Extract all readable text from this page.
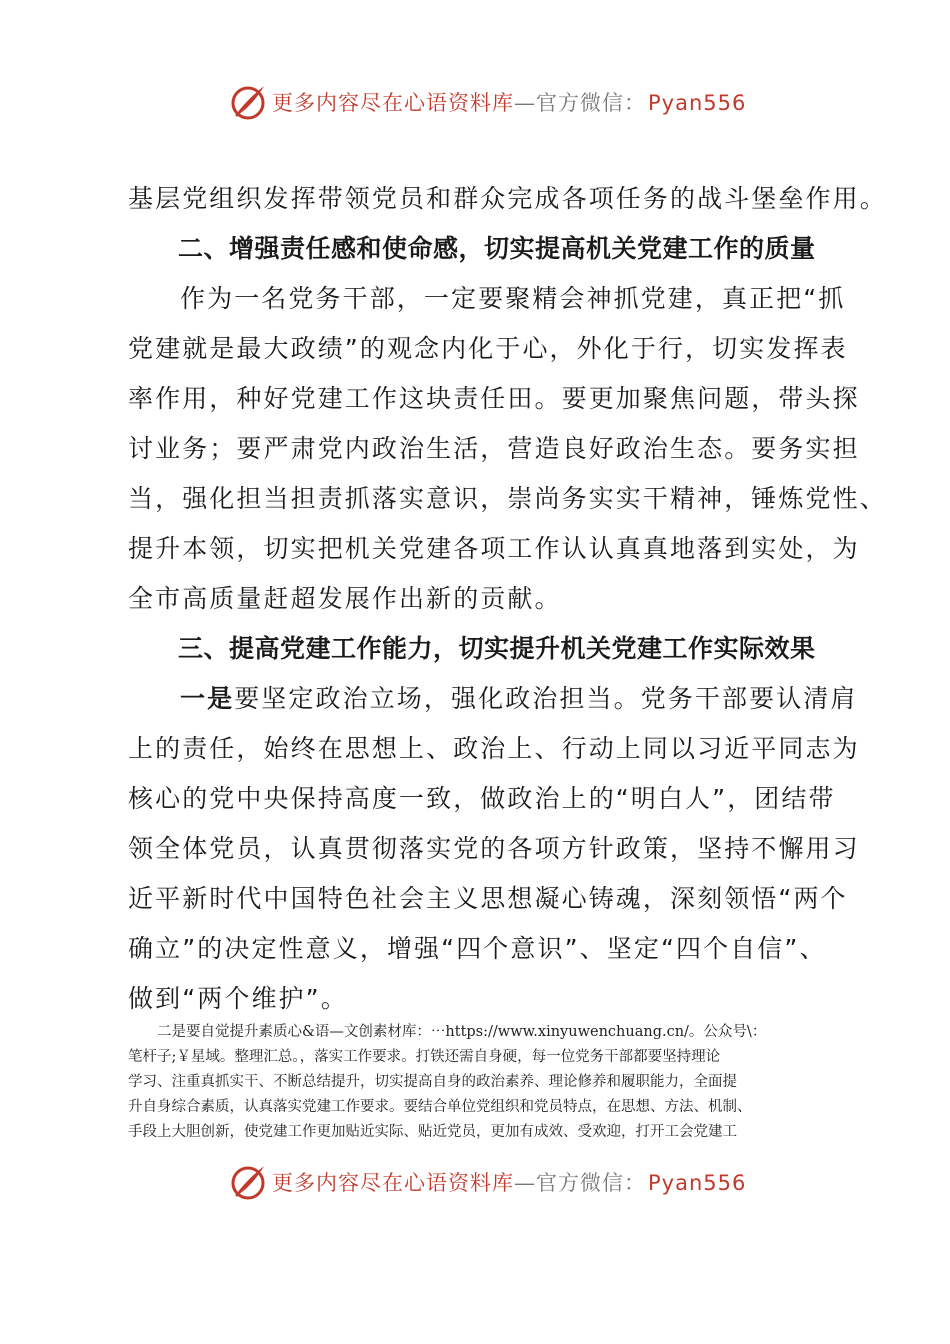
更多内容尽在心语资料库—官方微信：Pyan556
基层党组织发挥带领党员和群众完成各项任务的战斗堡垒作用。
二、增强责任感和使命感，切实提高机关党建工作的质量
作为一名党务干部，一定要聚精会神抓党建，真正把“抓
党建就是最大政绩”的观念内化于心，外化于行，切实发挥表
率作用，种好党建工作这块责任田。要更加聚焦问题，带头探
讨业务；要严肃党内政治生活，营造良好政治生态。要务实担
当，强化担当担责抓落实意识，崇尚务实实干精神，锤炼党性、
提升本领，切实把机关党建各项工作认认真真地落到实处，为
全市高质量赶超发展作出新的贡献。
三、提高党建工作能力，切实提升机关党建工作实际效果
一是要坚定政治立场，强化政治担当。党务干部要认清肩
上的责任，始终在思想上、政治上、行动上同以习近平同志为
核心的党中央保持高度一致，做政治上的“明白人”，团结带
领全体党员，认真贯彻落实党的各项方针政策，坚持不懈用习
近平新时代中国特色社会主义思想凝心铸魂，深刻领悟“两个
确立”的决定性意义，增强“四个意识”、坚定“四个自信”、
做到“两个维护”。
　　二是要自觉提升素质心&语—文创素材库：⋯https://www.xinyuwenchuang.cn/。公众号\：
笔杆子;￥星域。整理汇总。，落实工作要求。打铁还需自身硬，每一位党务干部都要坚持理论
学习、注重真抓实干、不断总结提升，切实提高自身的政治素养、理论修养和履职能力，全面提
升自身综合素质，认真落实党建工作要求。要结合单位党组织和党员特点，在思想、方法、机制、
手段上大胆创新，使党建工作更加贴近实际、贴近党员，更加有成效、受欢迎，打开工会党建工
更多内容尽在心语资料库—官方微信：Pyan556
